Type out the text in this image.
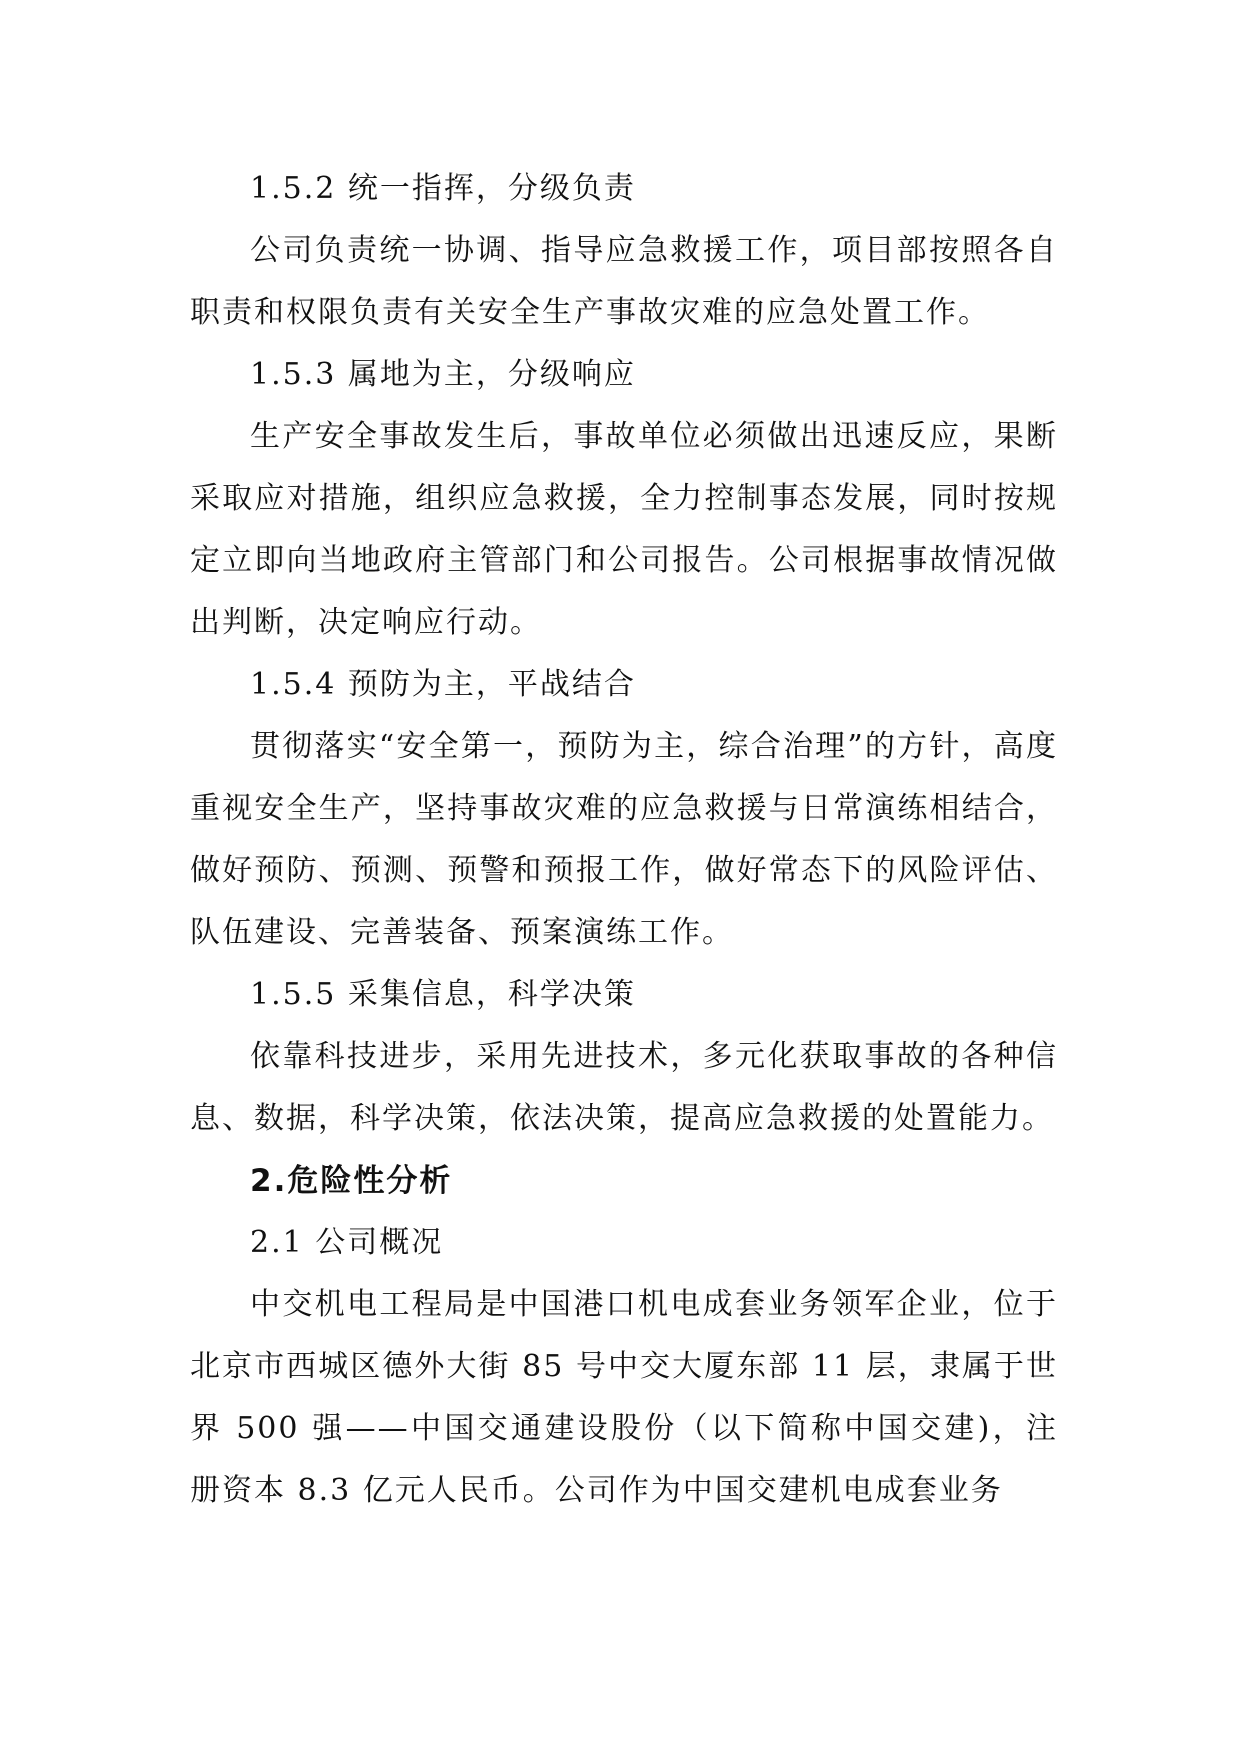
1.5.2 统一指挥，分级负责

公司负责统一协调、指导应急救援工作，项目部按照各自职责和权限负责有关安全生产事故灾难的应急处置工作。

1.5.3 属地为主，分级响应

生产安全事故发生后，事故单位必须做出迅速反应，果断采取应对措施，组织应急救援，全力控制事态发展，同时按规定立即向当地政府主管部门和公司报告。公司根据事故情况做出判断，决定响应行动。

1.5.4 预防为主，平战结合

贯彻落实“安全第一，预防为主，综合治理”的方针，高度重视安全生产，坚持事故灾难的应急救援与日常演练相结合，做好预防、预测、预警和预报工作，做好常态下的风险评估、队伍建设、完善装备、预案演练工作。

1.5.5 采集信息，科学决策

依靠科技进步，采用先进技术，多元化获取事故的各种信息、数据，科学决策，依法决策，提高应急救援的处置能力。

2.危险性分析

2.1 公司概况

中交机电工程局是中国港口机电成套业务领军企业，位于北京市西城区德外大街 85 号中交大厦东部 11 层，隶属于世界 500 强——中国交通建设股份（以下简称中国交建)，注册资本 8.3 亿元人民币。公司作为中国交建机电成套业务
